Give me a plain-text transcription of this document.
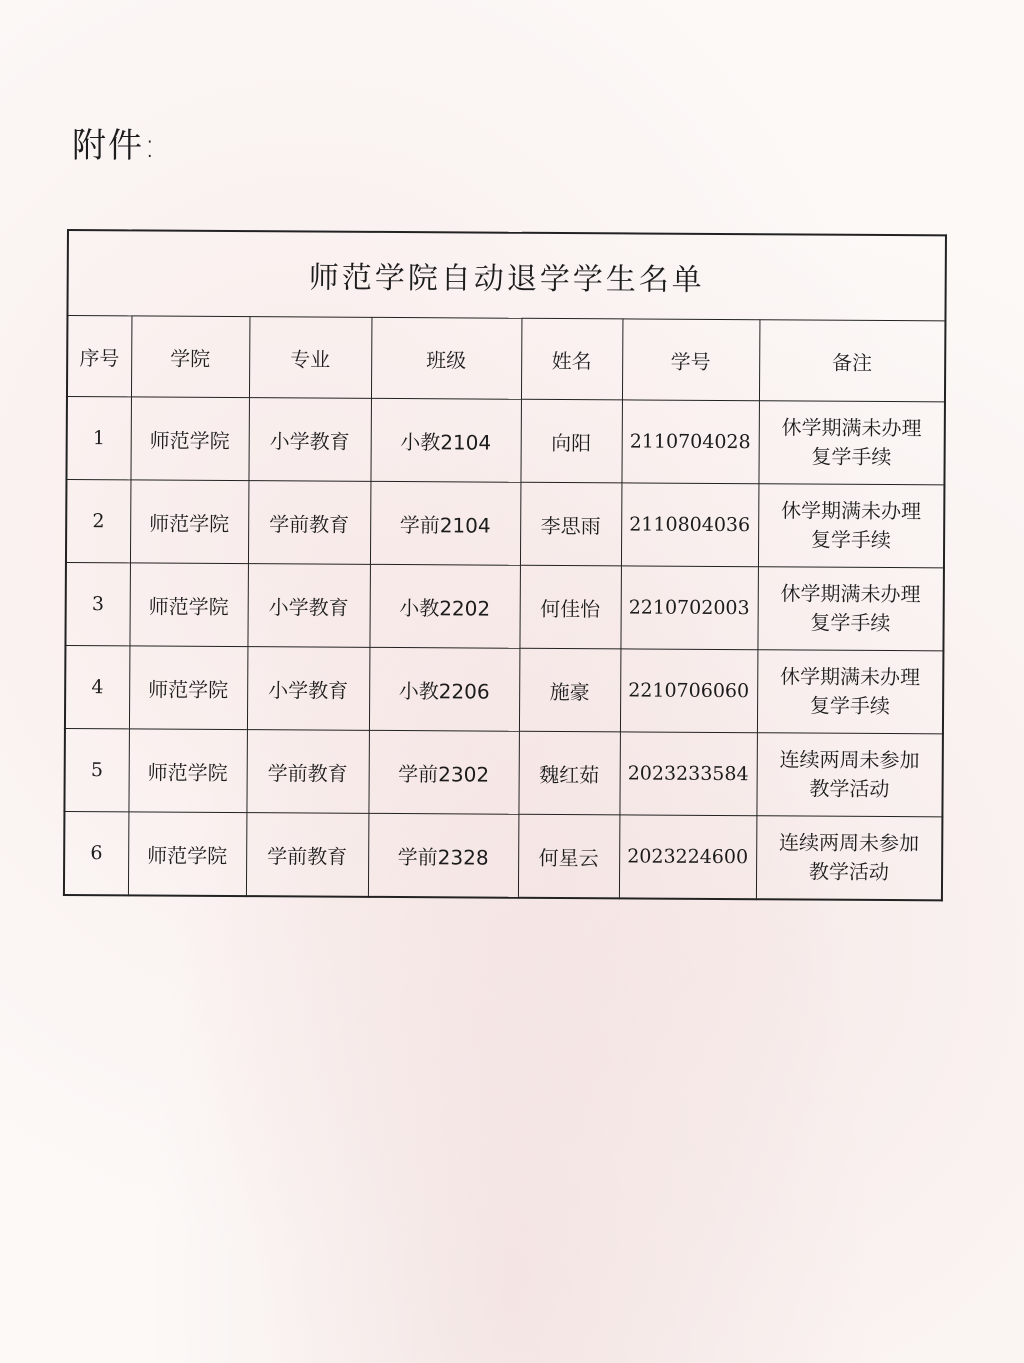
附件:
师范学院自动退学学生名单						
序号	学院	专业	班级	姓名	学号	备注
1	师范学院	小学教育	小教2104	向阳	2110704028	休学期满未办理
复学手续
2	师范学院	学前教育	学前2104	李思雨	2110804036	休学期满未办理
复学手续
3	师范学院	小学教育	小教2202	何佳怡	2210702003	休学期满未办理
复学手续
4	师范学院	小学教育	小教2206	施豪	2210706060	休学期满未办理
复学手续
5	师范学院	学前教育	学前2302	魏红茹	2023233584	连续两周未参加
教学活动
6	师范学院	学前教育	学前2328	何星云	2023224600	连续两周未参加
教学活动
